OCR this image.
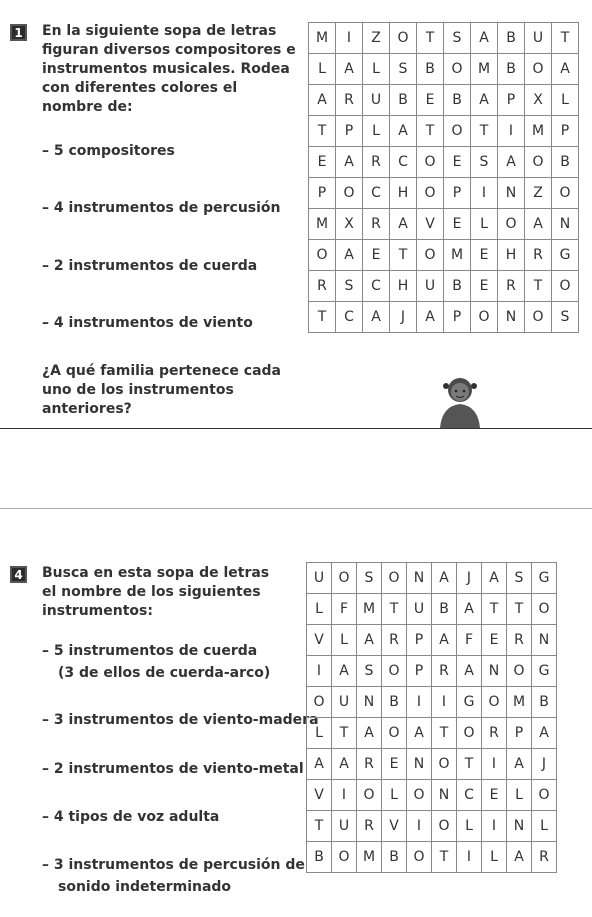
1	En la siguiente sopa de letras figuran diversos compositores e instrumentos musicales. Rodea con diferentes colores el nombre de:
– 5 compositores
– 4 instrumentos de percusión
– 2 instrumentos de cuerda
– 4 instrumentos de viento
¿A qué familia pertenece cada uno de los instrumentos anteriores?
M	I	Z	O	T	S	A	B	U	T
L	A	L	S	B	O	M	B	O	A
A	R	U	B	E	B	A	P	X	L
T	P	L	A	T	O	T	I	M	P
E	A	R	C	O	E	S	A	O	B
P	O	C	H	O	P	I	N	Z	O
M	X	R	A	V	E	L	O	A	N
O	A	E	T	O	M	E	H	R	G
R	S	C	H	U	B	E	R	T	O
T	C	A	J	A	P	O	N	O	S
4	Busca en esta sopa de letras el nombre de los siguientes instrumentos:
– 5 instrumentos de cuerda
(3 de ellos de cuerda-arco)
– 3 instrumentos de viento-madera
– 2 instrumentos de viento-metal
– 4 tipos de voz adulta
– 3 instrumentos de percusión de
sonido indeterminado
U	O	S	O	N	A	J	A	S	G
L	F	M	T	U	B	A	T	T	O
V	L	A	R	P	A	F	E	R	N
I	A	S	O	P	R	A	N	O	G
O	U	N	B	I	I	G	O	M	B
L	T	A	O	A	T	O	R	P	A
A	A	R	E	N	O	T	I	A	J
V	I	O	L	O	N	C	E	L	O
T	U	R	V	I	O	L	I	N	L
B	O	M	B	O	T	I	L	A	R
